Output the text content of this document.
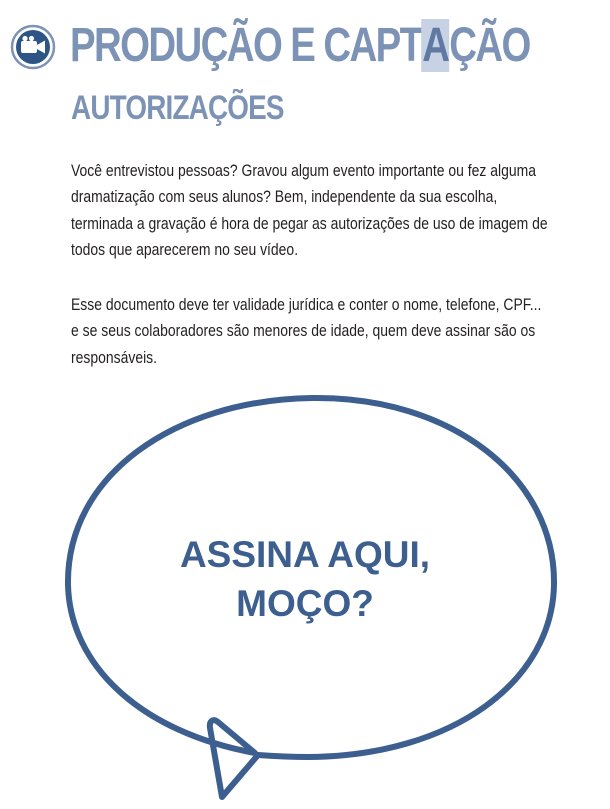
PRODUÇÃO E CAPTAÇÃO
AUTORIZAÇÕES

Você entrevistou pessoas? Gravou algum evento importante ou fez alguma
dramatização com seus alunos? Bem, independente da sua escolha,
terminada a gravação é hora de pegar as autorizações de uso de imagem de
todos que aparecerem no seu vídeo.

Esse documento deve ter validade jurídica e conter o nome, telefone, CPF...
e se seus colaboradores são menores de idade, quem deve assinar são os
responsáveis.

ASSINA AQUI,
MOÇO?
